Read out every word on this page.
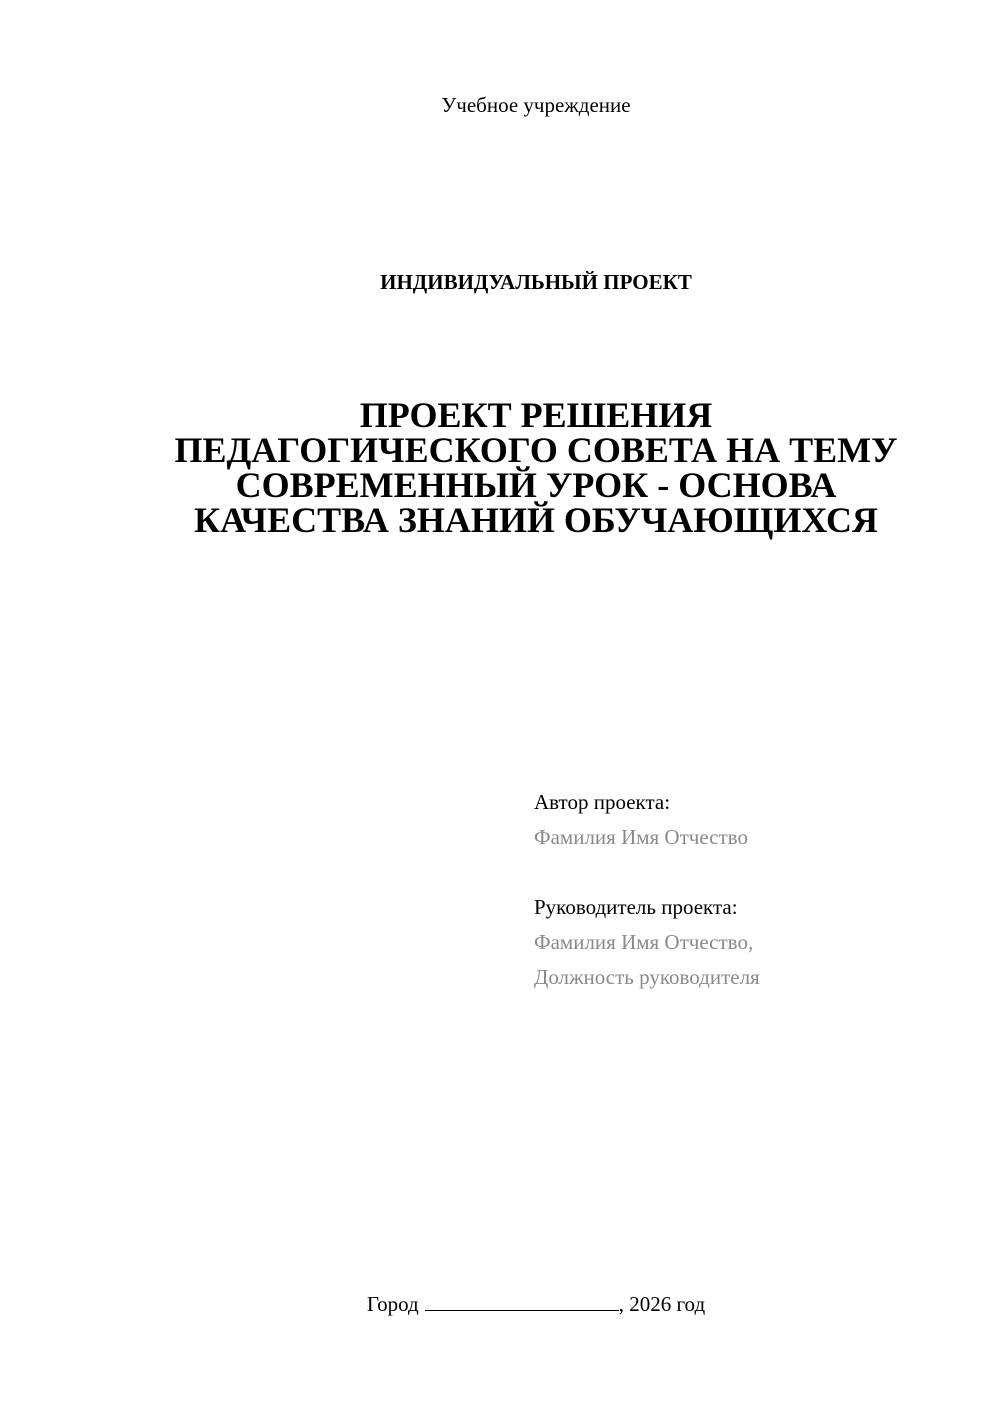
Учебное учреждение
ИНДИВИДУАЛЬНЫЙ ПРОЕКТ
ПРОЕКТ РЕШЕНИЯ
ПЕДАГОГИЧЕСКОГО СОВЕТА НА ТЕМУ
СОВРЕМЕННЫЙ УРОК - ОСНОВА
КАЧЕСТВА ЗНАНИЙ ОБУЧАЮЩИХСЯ
Автор проекта:
Фамилия Имя Отчество
Руководитель проекта:
Фамилия Имя Отчество,
Должность руководителя
Город	, 2026 год
